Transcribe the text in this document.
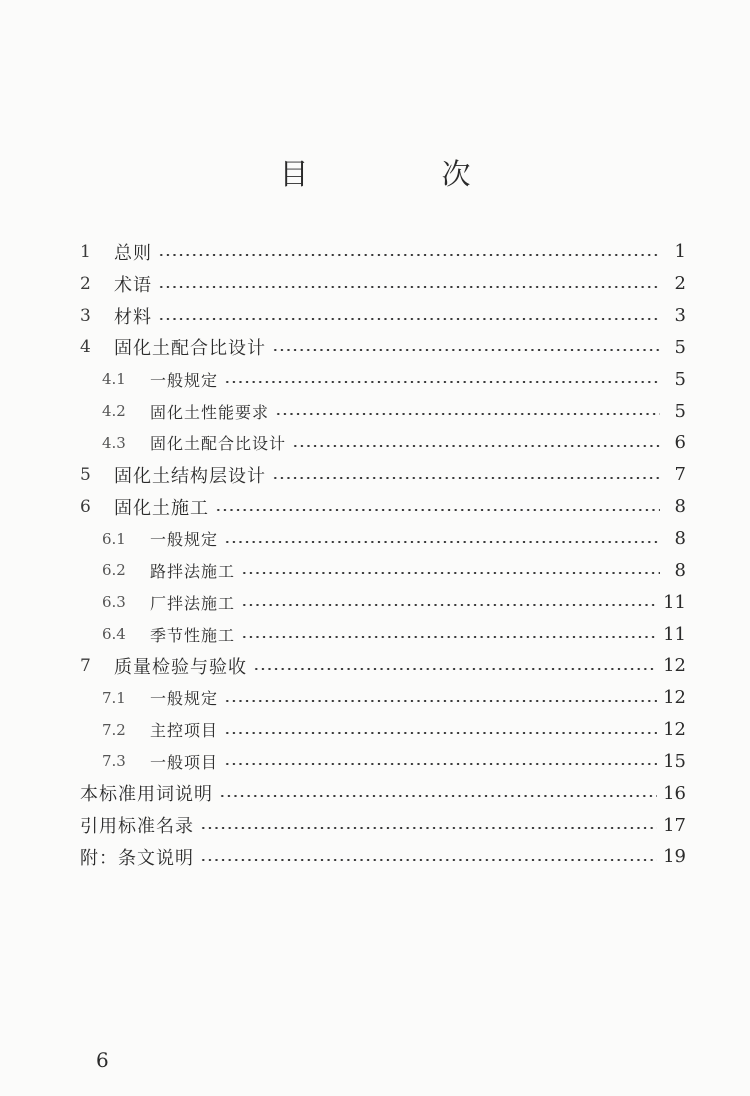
目　次
1	总则	1
2	术语	2
3	材料	3
4	固化土配合比设计	5
4.1	一般规定	5
4.2	固化土性能要求	5
4.3	固化土配合比设计	6
5	固化土结构层设计	7
6	固化土施工	8
6.1	一般规定	8
6.2	路拌法施工	8
6.3	厂拌法施工	11
6.4	季节性施工	11
7	质量检验与验收	12
7.1	一般规定	12
7.2	主控项目	12
7.3	一般项目	15
本标准用词说明	16
引用标准名录	17
附：条文说明	19
6
